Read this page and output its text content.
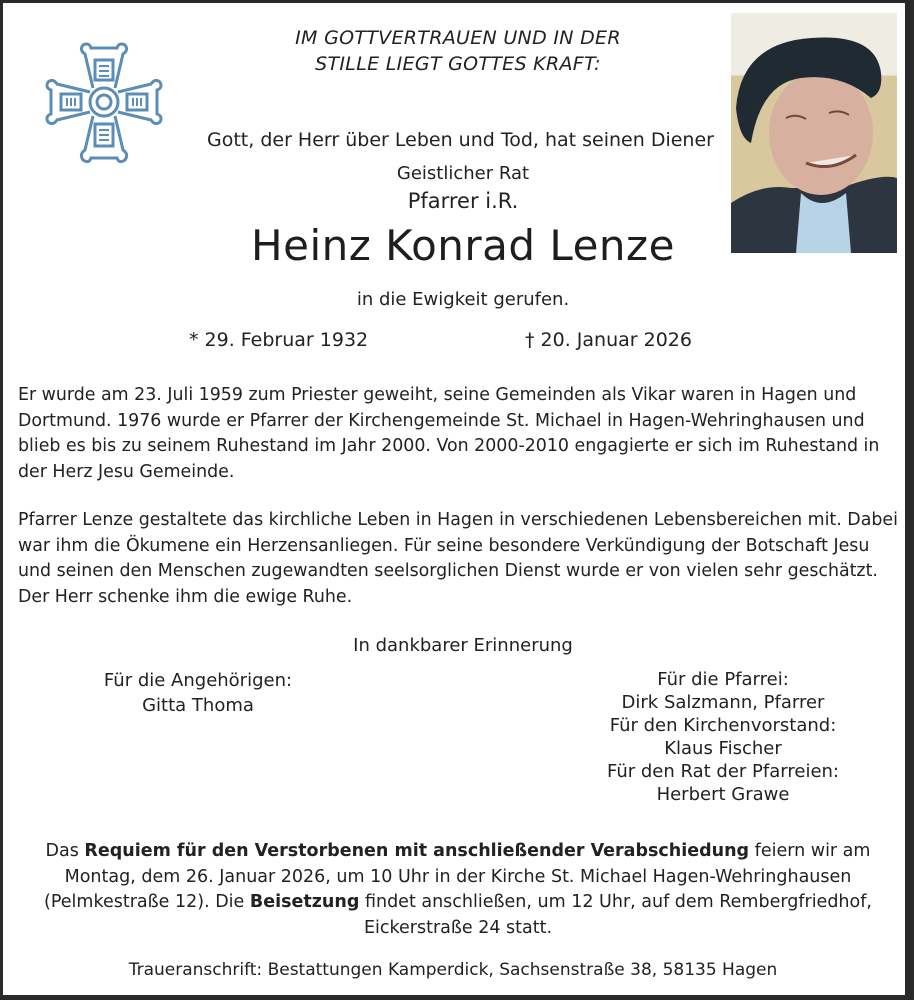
IM GOTTVERTRAUEN UND IN DER
STILLE LIEGT GOTTES KRAFT:
Gott, der Herr über Leben und Tod, hat seinen Diener
Geistlicher Rat
Pfarrer i.R.
Heinz Konrad Lenze
in die Ewigkeit gerufen.
* 29. Februar 1932	† 20. Januar 2026
Er wurde am 23. Juli 1959 zum Priester geweiht, seine Gemeinden als Vikar waren in Hagen und Dortmund. 1976 wurde er Pfarrer der Kirchengemeinde St. Michael in Hagen-Wehringhausen und blieb es bis zu seinem Ruhestand im Jahr 2000. Von 2000-2010 engagierte er sich im Ruhestand in der Herz Jesu Gemeinde.
Pfarrer Lenze gestaltete das kirchliche Leben in Hagen in verschiedenen Lebensbereichen mit. Dabei war ihm die Ökumene ein Herzensanliegen. Für seine besondere Verkündigung der Botschaft Jesu und seinen den Menschen zugewandten seelsorglichen Dienst wurde er von vielen sehr geschätzt. Der Herr schenke ihm die ewige Ruhe.
In dankbarer Erinnerung
Für die Angehörigen:
Gitta Thoma
Für die Pfarrei:
Dirk Salzmann, Pfarrer
Für den Kirchenvorstand:
Klaus Fischer
Für den Rat der Pfarreien:
Herbert Grawe
Das Requiem für den Verstorbenen mit anschließender Verabschiedung feiern wir am Montag, dem 26. Januar 2026, um 10 Uhr in der Kirche St. Michael Hagen-Wehringhausen (Pelmkestraße 12). Die Beisetzung findet anschließen, um 12 Uhr, auf dem Rembergfriedhof, Eickerstraße 24 statt.
Traueranschrift: Bestattungen Kamperdick, Sachsenstraße 38, 58135 Hagen
